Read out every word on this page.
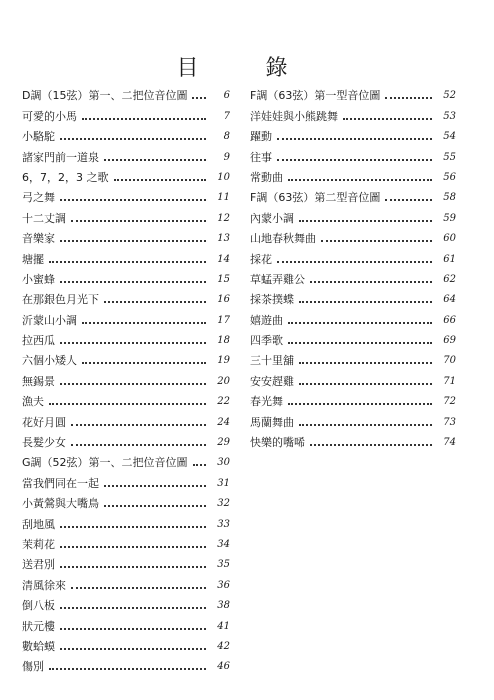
目 錄
D調（15弦）第一、二把位音位圖	6
可愛的小馬	7
小駱駝	8
諸家門前一道泉	9
6，7，2，3 之歌	10
弓之舞	11
十二丈調	12
音樂家	13
塘擺	14
小蜜蜂	15
在那銀色月光下	16
沂蒙山小調	17
拉西瓜	18
六個小矮人	19
無錫景	20
漁夫	22
花好月圓	24
長髮少女	29
G調（52弦）第一、二把位音位圖	30
當我們同在一起	31
小黃鶯與大嘴鳥	32
刮地風	33
茉莉花	34
送君別	35
清風徐來	36
倒八板	38
狀元樓	41
數蛤蟆	42
傷別	46
F調（63弦）第一型音位圖	52
洋娃娃與小熊跳舞	53
躍動	54
往事	55
常動曲	56
F調（63弦）第二型音位圖	58
內蒙小調	59
山地春秋舞曲	60
採花	61
草蜢弄雞公	62
採茶撲蝶	64
嬉遊曲	66
四季歌	69
三十里舖	70
安安趕雞	71
春光舞	72
馬蘭舞曲	73
快樂的嘴唏	74
